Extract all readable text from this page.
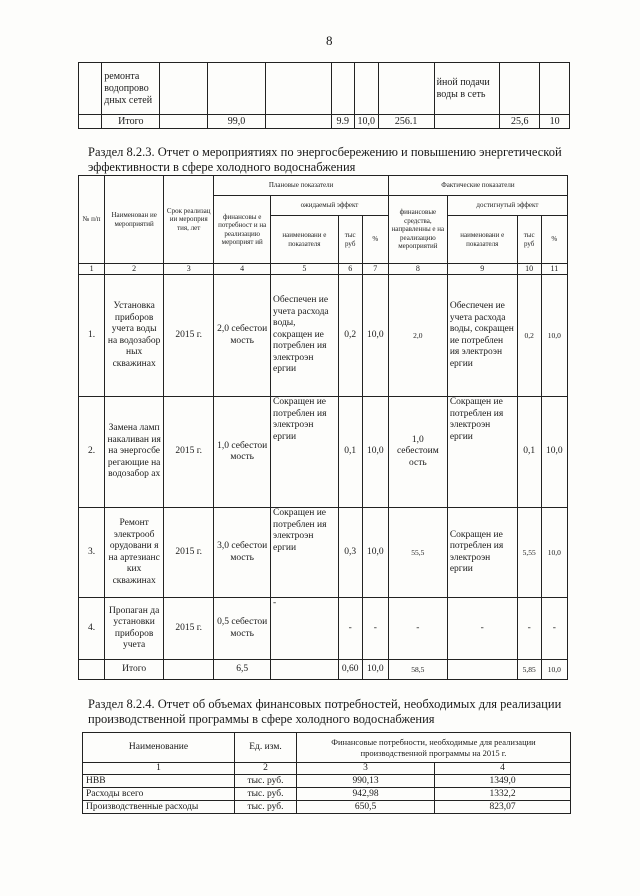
8
	ремонта водопрово дных сетей							йной подачи воды в сеть		
	Итого		99,0		9.9	10,0	256.1		25,6	10
Раздел 8.2.3. Отчет о мероприятиях по энергосбережению и повышению энергетической эффективности в сфере холодного водоснабжения
№ п/п	Наименован ие мероприятий	Срок реализац ии мероприя тия, лет	Плановые показатели				Фактические показатели			
			финансовы е потребност и на реализацию мероприят ий	ожидаемый эффект			финансовые средства, направленны е на реализацию мероприятий	достигнутый эффект		
				наименовани е показателя	тыс руб	%		наименовани е показателя	тыс руб	%
1	2	3	4	5	6	7	8	9	10	11
1.	Установка приборов учета воды на водозабор ных скважинах	2015 г.	2,0 себестои мость	Обеспечен ие учета расхода воды, сокращен ие потреблен ия электроэн ергии	0,2	10,0	2,0	Обеспечен ие учета расхода воды, сокращен ие потреблен ия электроэн ергии	0,2	10,0
2.	Замена ламп накаливан ия на энергосбе регающие на водозабор ах	2015 г.	1,0 себестои мость	Сокращен ие потреблен ия электроэн ергии	0,1	10,0	1,0 себестоим ость	Сокращен ие потреблен ия электроэн ергии	0,1	10,0
3.	Ремонт электрооб орудовани я на артезианс ких скважинах	2015 г.	3,0 себестои мость	Сокращен ие потреблен ия электроэн ергии	0,3	10,0	55,5	Сокращен ие потреблен ия электроэн ергии	5,55	10,0
4.	Пропаган да установки приборов учета	2015 г.	0,5 себестои мость	-	-	-	-	-	-	-
	Итого		6,5		0,60	10,0	58,5		5,85	10,0
Раздел 8.2.4. Отчет об объемах финансовых потребностей, необходимых для реализации производственной программы в сфере холодного водоснабжения
Наименование	Ед. изм.	Финансовые потребности, необходимые для реализации производственной программы на 2015 г.	
1	2	3	4
НВВ	тыс. руб.	990,13	1349,0
Расходы всего	тыс. руб.	942,98	1332,2
Производственные расходы	тыс. руб.	650,5	823,07
